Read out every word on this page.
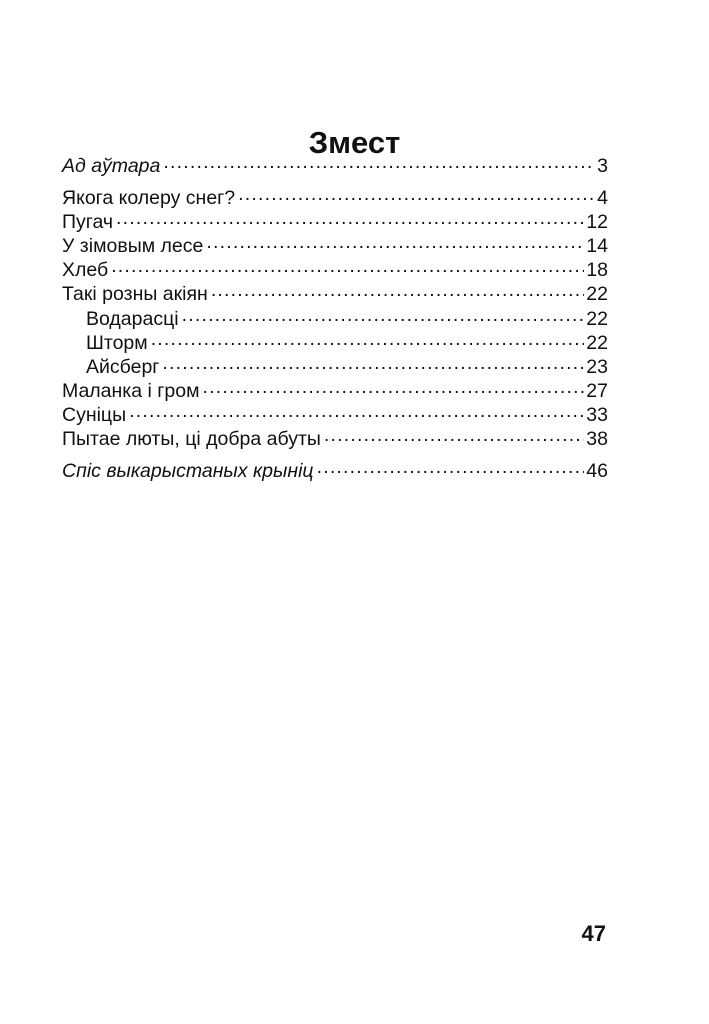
Змест
Ад аўтара .....	3
Якога колеру снег? .....	4
Пугач .....	12
У зімовым лесе .....	14
Хлеб .....	18
Такі розны акіян .....	22
Водарасці .....	22
Шторм .....	22
Айсберг .....	23
Маланка і гром .....	27
Суніцы .....	33
Пытае люты, ці добра абуты .....	38
Спіс выкарыстаных крыніц .....	46
47
